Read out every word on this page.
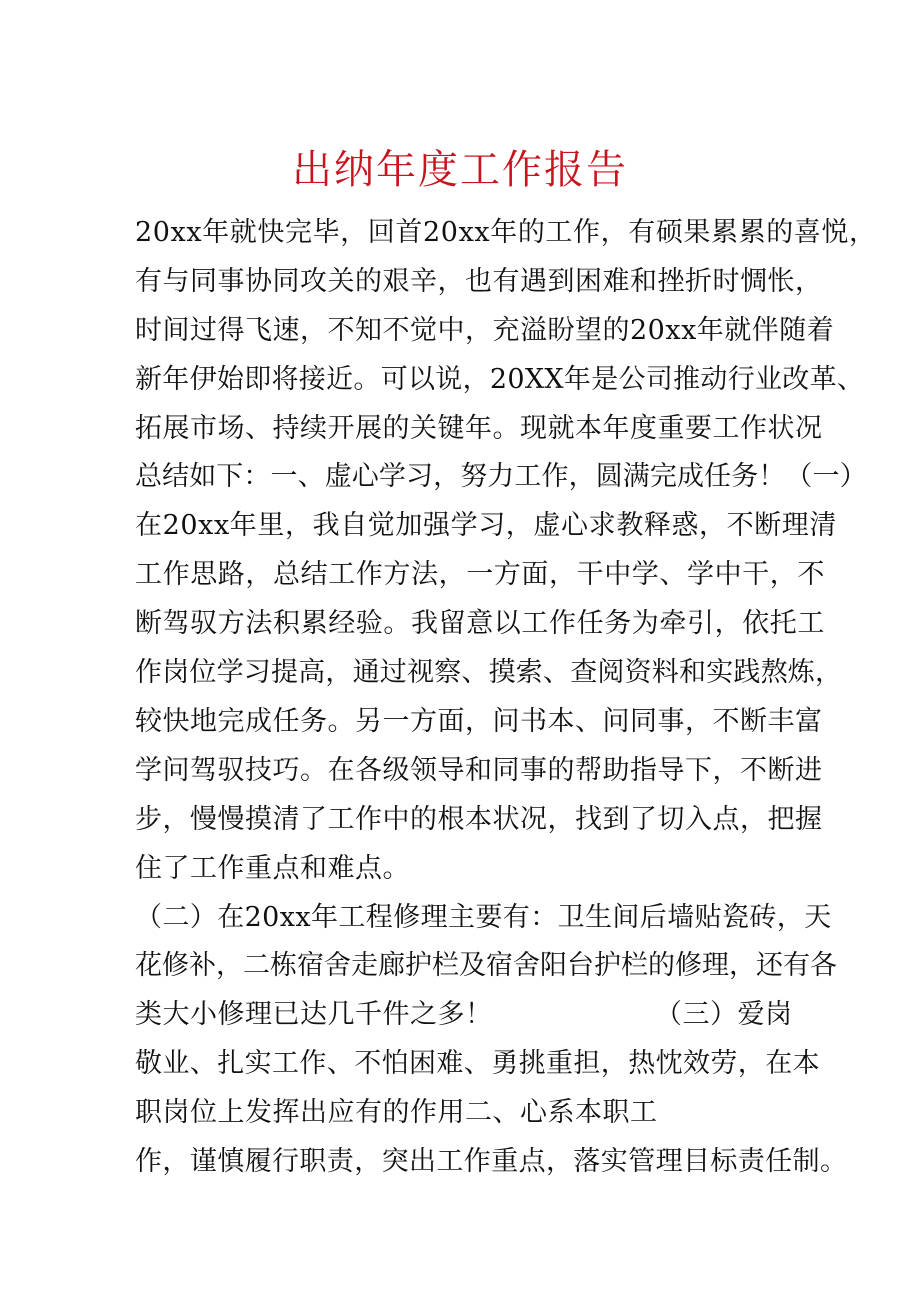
出纳年度工作报告
20xx年就快完毕，回首20xx年的工作，有硕果累累的喜悦，
有与同事协同攻关的艰辛，也有遇到困难和挫折时惆怅，
时间过得飞速，不知不觉中，充溢盼望的20xx年就伴随着
新年伊始即将接近。可以说，20XX年是公司推动行业改革、
拓展市场、持续开展的关键年。现就本年度重要工作状况
总结如下：一、虚心学习，努力工作，圆满完成任务！（一）
在20xx年里，我自觉加强学习，虚心求教释惑，不断理清
工作思路，总结工作方法，一方面，干中学、学中干，不
断驾驭方法积累经验。我留意以工作任务为牵引，依托工
作岗位学习提高，通过视察、摸索、查阅资料和实践熬炼，
较快地完成任务。另一方面，问书本、问同事，不断丰富
学问驾驭技巧。在各级领导和同事的帮助指导下，不断进
步，慢慢摸清了工作中的根本状况，找到了切入点，把握
住了工作重点和难点。
（二）在20xx年工程修理主要有：卫生间后墙贴瓷砖，天
花修补，二栋宿舍走廊护栏及宿舍阳台护栏的修理，还有各
类大小修理已达几千件之多！	（三）爱岗
敬业、扎实工作、不怕困难、勇挑重担，热忱效劳，在本
职岗位上发挥出应有的作用二、心系本职工
作，谨慎履行职责，突出工作重点，落实管理目标责任制。
